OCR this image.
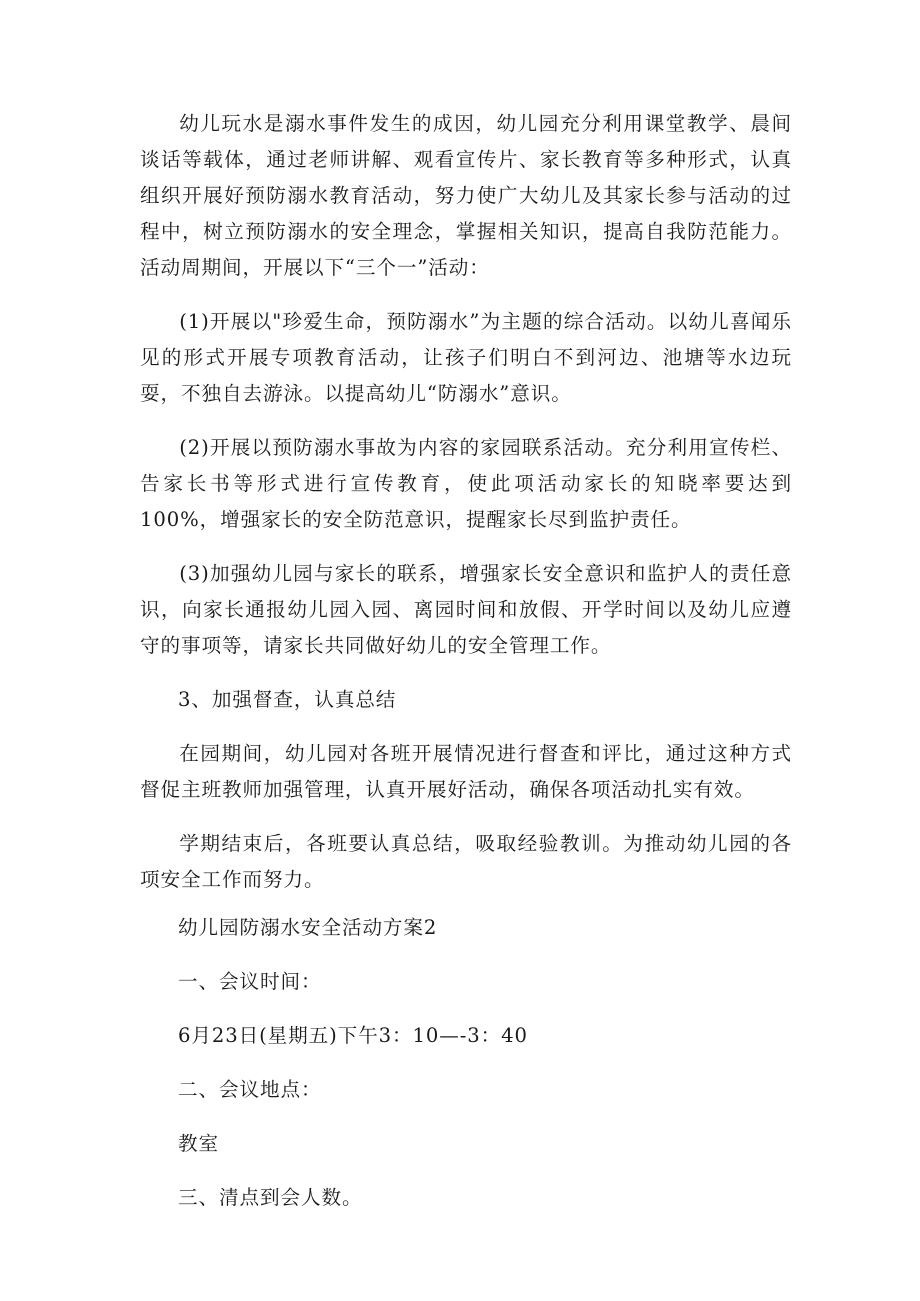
幼儿玩水是溺水事件发生的成因，幼儿园充分利用课堂教学、晨间谈话等载体，通过老师讲解、观看宣传片、家长教育等多种形式，认真组织开展好预防溺水教育活动，努力使广大幼儿及其家长参与活动的过程中，树立预防溺水的安全理念，掌握相关知识，提高自我防范能力。活动周期间，开展以下“三个一”活动：

(1)开展以"珍爱生命，预防溺水”为主题的综合活动。以幼儿喜闻乐见的形式开展专项教育活动，让孩子们明白不到河边、池塘等水边玩耍，不独自去游泳。以提高幼儿“防溺水”意识。

(2)开展以预防溺水事故为内容的家园联系活动。充分利用宣传栏、告家长书等形式进行宣传教育，使此项活动家长的知晓率要达到100%，增强家长的安全防范意识，提醒家长尽到监护责任。

(3)加强幼儿园与家长的联系，增强家长安全意识和监护人的责任意识，向家长通报幼儿园入园、离园时间和放假、开学时间以及幼儿应遵守的事项等，请家长共同做好幼儿的安全管理工作。

3、加强督查，认真总结

在园期间，幼儿园对各班开展情况进行督查和评比，通过这种方式督促主班教师加强管理，认真开展好活动，确保各项活动扎实有效。

学期结束后，各班要认真总结，吸取经验教训。为推动幼儿园的各项安全工作而努力。

幼儿园防溺水安全活动方案2

一、会议时间：

6月23日(星期五)下午3：10—-3：40

二、会议地点：

教室

三、清点到会人数。
